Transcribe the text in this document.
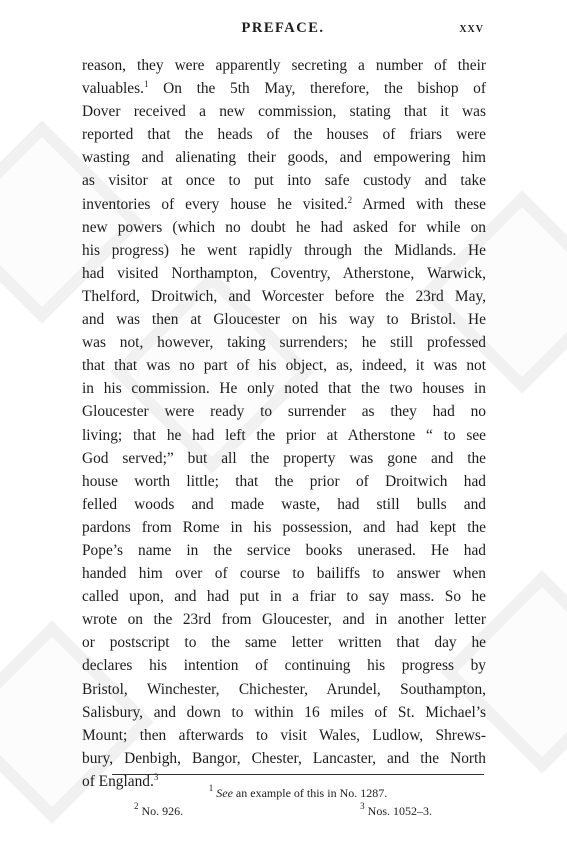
PREFACE.	xxv
reason, they were apparently secreting a number of their
valuables.$^1$ On the 5th May, therefore, the bishop of
Dover received a new commission, stating that it was
reported that the heads of the houses of friars were
wasting and alienating their goods, and empowering him
as visitor at once to put into safe custody and take
inventories of every house he visited.$^2$ Armed with these
new powers (which no doubt he had asked for while on
his progress) he went rapidly through the Midlands. He
had visited Northampton, Coventry, Atherstone, Warwick,
Thelford, Droitwich, and Worcester before the 23rd May,
and was then at Gloucester on his way to Bristol. He
was not, however, taking surrenders; he still professed
that that was no part of his object, as, indeed, it was not
in his commission. He only noted that the two houses in
Gloucester were ready to surrender as they had no
living; that he had left the prior at Atherstone “ to see
God served;” but all the property was gone and the
house worth little; that the prior of Droitwich had
felled woods and made waste, had still bulls and
pardons from Rome in his possession, and had kept the
Pope’s name in the service books unerased. He had
handed him over of course to bailiffs to answer when
called upon, and had put in a friar to say mass. So he
wrote on the 23rd from Gloucester, and in another letter
or postscript to the same letter written that day he
declares his intention of continuing his progress by
Bristol, Winchester, Chichester, Arundel, Southampton,
Salisbury, and down to within 16 miles of St. Michael’s
Mount; then afterwards to visit Wales, Ludlow, Shrews-
bury, Denbigh, Bangor, Chester, Lancaster, and the North
of England.$^3$
$^1$ See an example of this in No. 1287.
$^2$ No. 926.	$^3$ Nos. 1052–3.
